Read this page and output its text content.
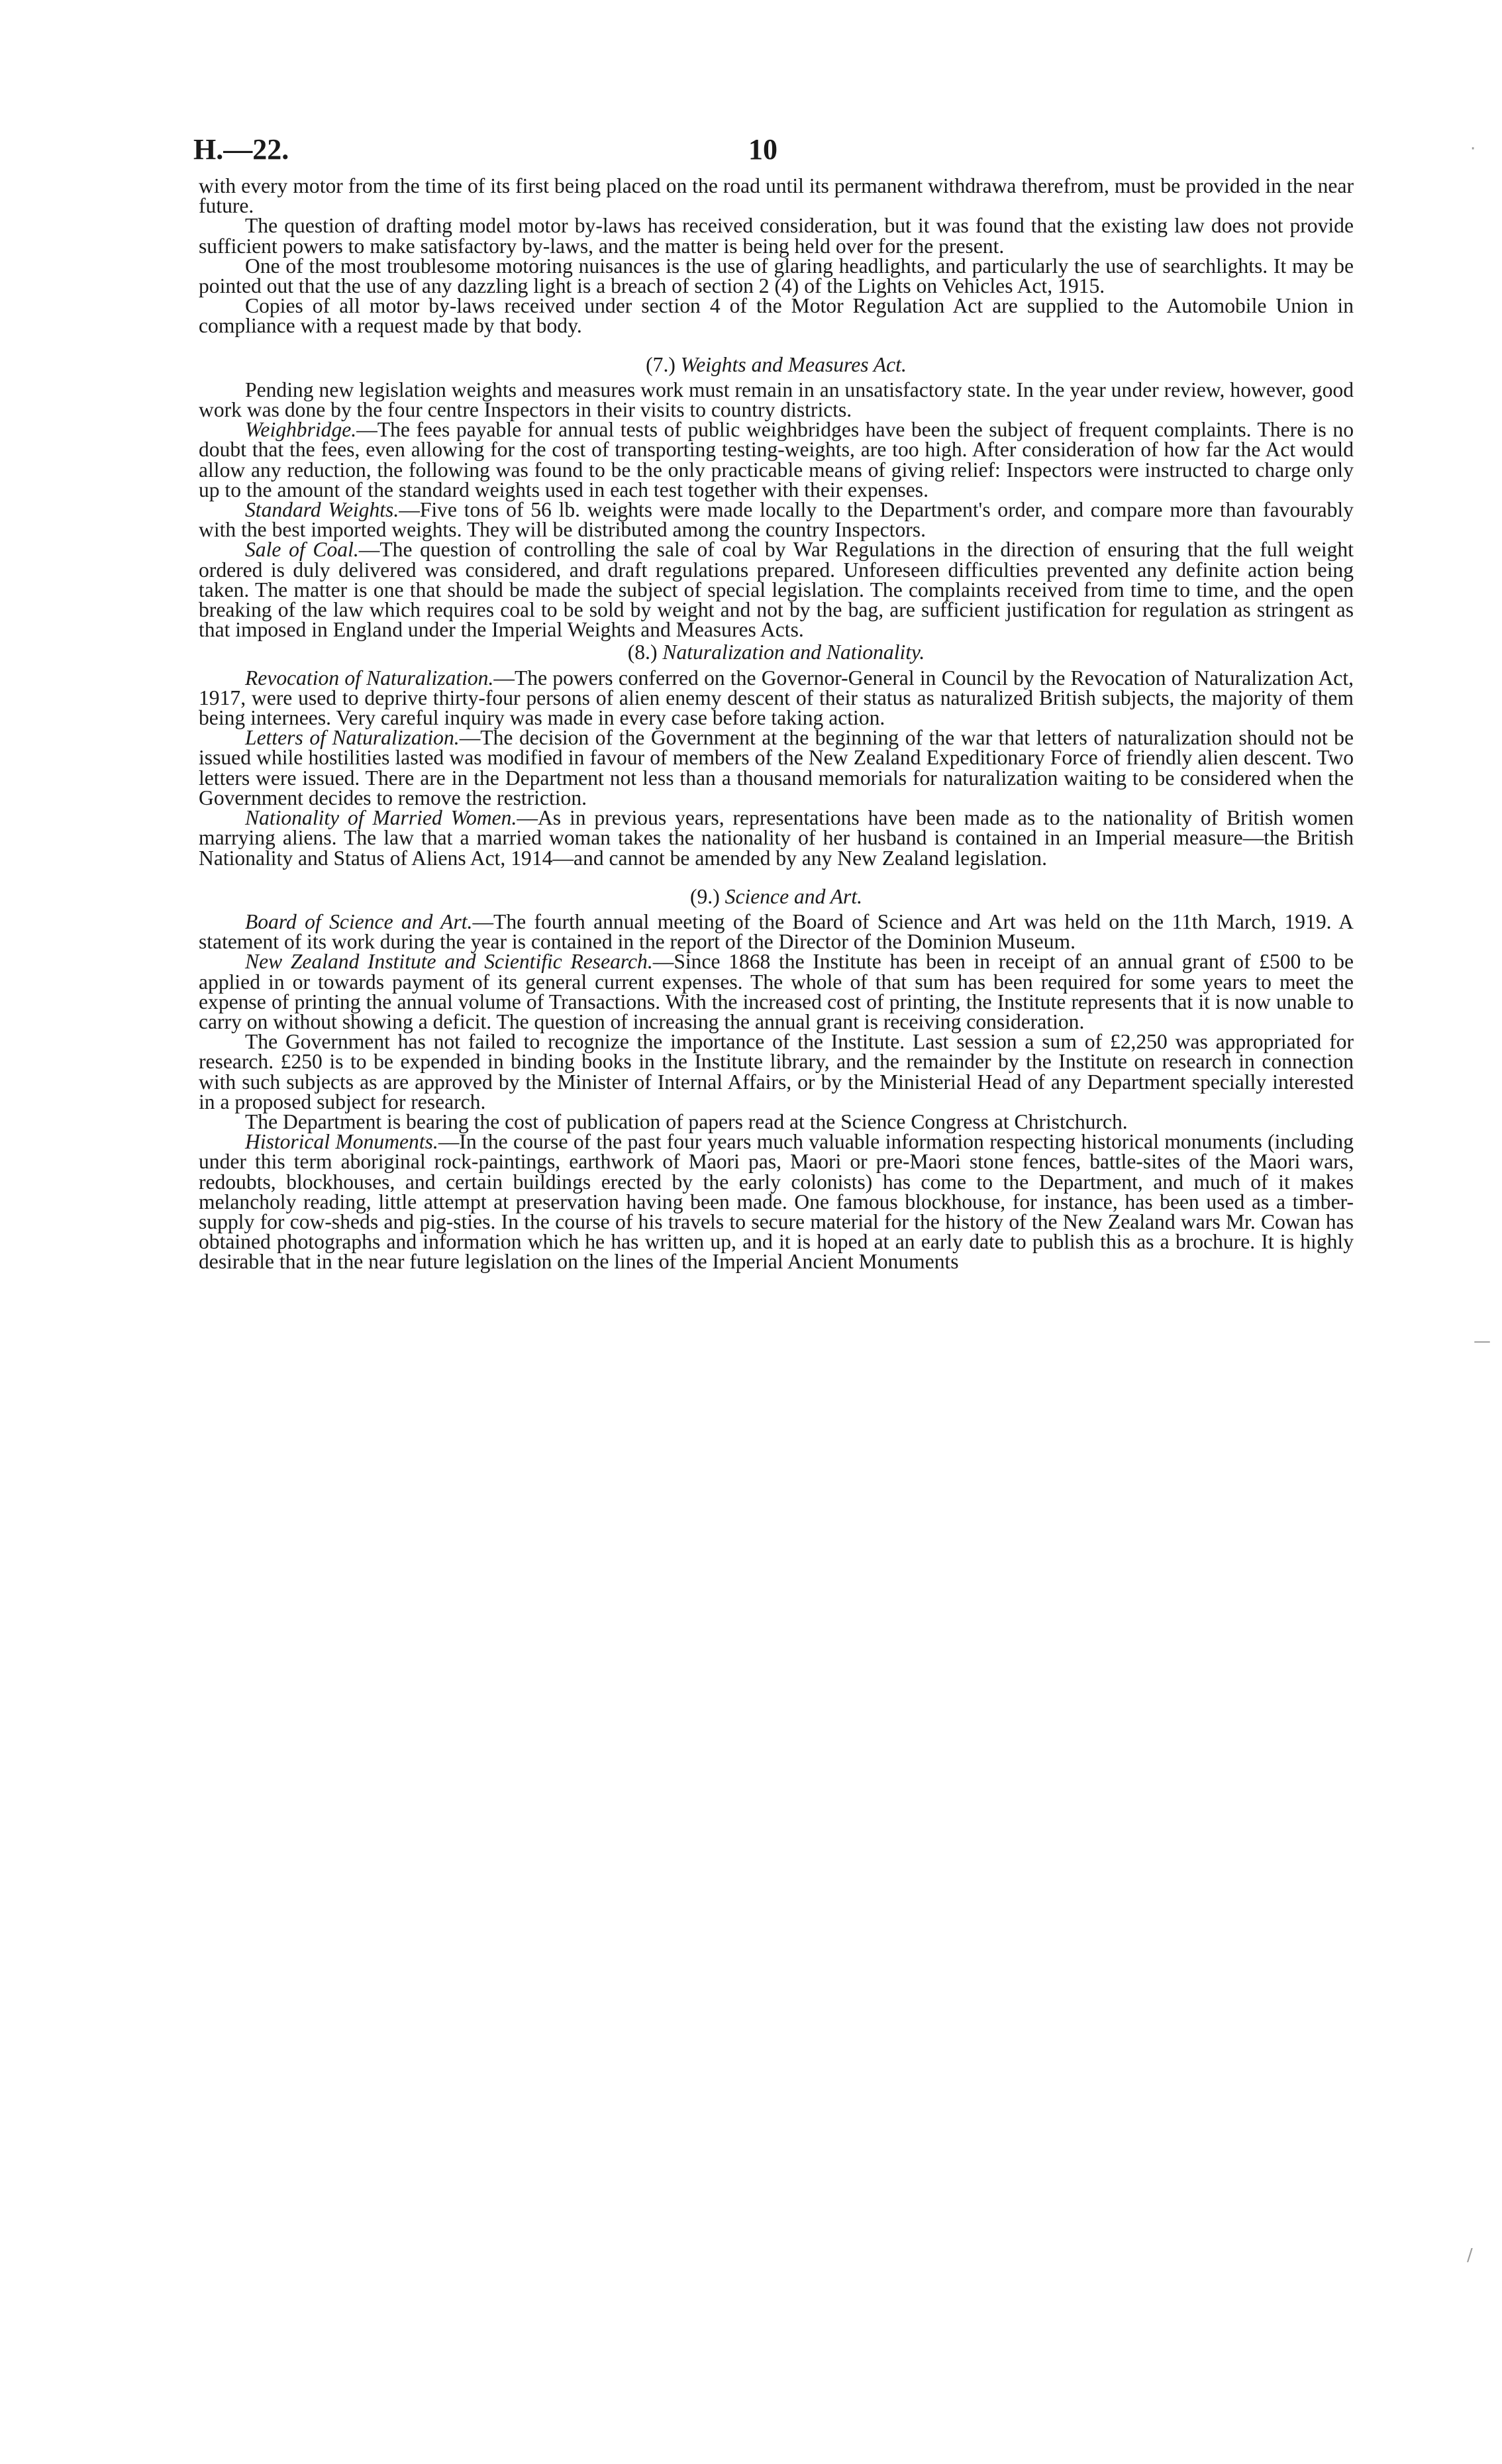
H.—22.	10

with every motor from the time of its first being placed on the road until its permanent withdrawa therefrom, must be provided in the near future.

The question of drafting model motor by-laws has received consideration, but it was found that the existing law does not provide sufficient powers to make satisfactory by-laws, and the matter is being held over for the present.

One of the most troublesome motoring nuisances is the use of glaring headlights, and particularly the use of searchlights. It may be pointed out that the use of any dazzling light is a breach of section 2 (4) of the Lights on Vehicles Act, 1915.

Copies of all motor by-laws received under section 4 of the Motor Regulation Act are supplied to the Automobile Union in compliance with a request made by that body.

(7.) Weights and Measures Act.

Pending new legislation weights and measures work must remain in an unsatisfactory state. In the year under review, however, good work was done by the four centre Inspectors in their visits to country districts.

Weighbridge.—The fees payable for annual tests of public weighbridges have been the subject of frequent complaints. There is no doubt that the fees, even allowing for the cost of transporting testing-weights, are too high. After consideration of how far the Act would allow any reduction, the following was found to be the only practicable means of giving relief: Inspectors were instructed to charge only up to the amount of the standard weights used in each test together with their expenses.

Standard Weights.—Five tons of 56 lb. weights were made locally to the Department's order, and compare more than favourably with the best imported weights. They will be distributed among the country Inspectors.

Sale of Coal.—The question of controlling the sale of coal by War Regulations in the direction of ensuring that the full weight ordered is duly delivered was considered, and draft regulations prepared. Unforeseen difficulties prevented any definite action being taken. The matter is one that should be made the subject of special legislation. The complaints received from time to time, and the open breaking of the law which requires coal to be sold by weight and not by the bag, are sufficient justification for regulation as stringent as that imposed in England under the Imperial Weights and Measures Acts.

(8.) Naturalization and Nationality.

Revocation of Naturalization.—The powers conferred on the Governor-General in Council by the Revocation of Naturalization Act, 1917, were used to deprive thirty-four persons of alien enemy descent of their status as naturalized British subjects, the majority of them being internees. Very careful inquiry was made in every case before taking action.

Letters of Naturalization.—The decision of the Government at the beginning of the war that letters of naturalization should not be issued while hostilities lasted was modified in favour of members of the New Zealand Expeditionary Force of friendly alien descent. Two letters were issued. There are in the Department not less than a thousand memorials for naturalization waiting to be considered when the Government decides to remove the restriction.

Nationality of Married Women.—As in previous years, representations have been made as to the nationality of British women marrying aliens. The law that a married woman takes the nationality of her husband is contained in an Imperial measure—the British Nationality and Status of Aliens Act, 1914—and cannot be amended by any New Zealand legislation.

(9.) Science and Art.

Board of Science and Art.—The fourth annual meeting of the Board of Science and Art was held on the 11th March, 1919. A statement of its work during the year is contained in the report of the Director of the Dominion Museum.

New Zealand Institute and Scientific Research.—Since 1868 the Institute has been in receipt of an annual grant of £500 to be applied in or towards payment of its general current expenses. The whole of that sum has been required for some years to meet the expense of printing the annual volume of Transactions. With the increased cost of printing, the Institute represents that it is now unable to carry on without showing a deficit. The question of increasing the annual grant is receiving consideration.

The Government has not failed to recognize the importance of the Institute. Last session a sum of £2,250 was appropriated for research. £250 is to be expended in binding books in the Institute library, and the remainder by the Institute on research in connection with such subjects as are approved by the Minister of Internal Affairs, or by the Ministerial Head of any Department specially interested in a proposed subject for research.

The Department is bearing the cost of publication of papers read at the Science Congress at Christchurch.

Historical Monuments.—In the course of the past four years much valuable information respecting historical monuments (including under this term aboriginal rock-paintings, earthwork of Maori pas, Maori or pre-Maori stone fences, battle-sites of the Maori wars, redoubts, blockhouses, and certain buildings erected by the early colonists) has come to the Department, and much of it makes melancholy reading, little attempt at preservation having been made. One famous blockhouse, for instance, has been used as a timber-supply for cow-sheds and pig-sties. In the course of his travels to secure material for the history of the New Zealand wars Mr. Cowan has obtained photographs and information which he has written up, and it is hoped at an early date to publish this as a brochure. It is highly desirable that in the near future legislation on the lines of the Imperial Ancient Monuments

·
—
/
